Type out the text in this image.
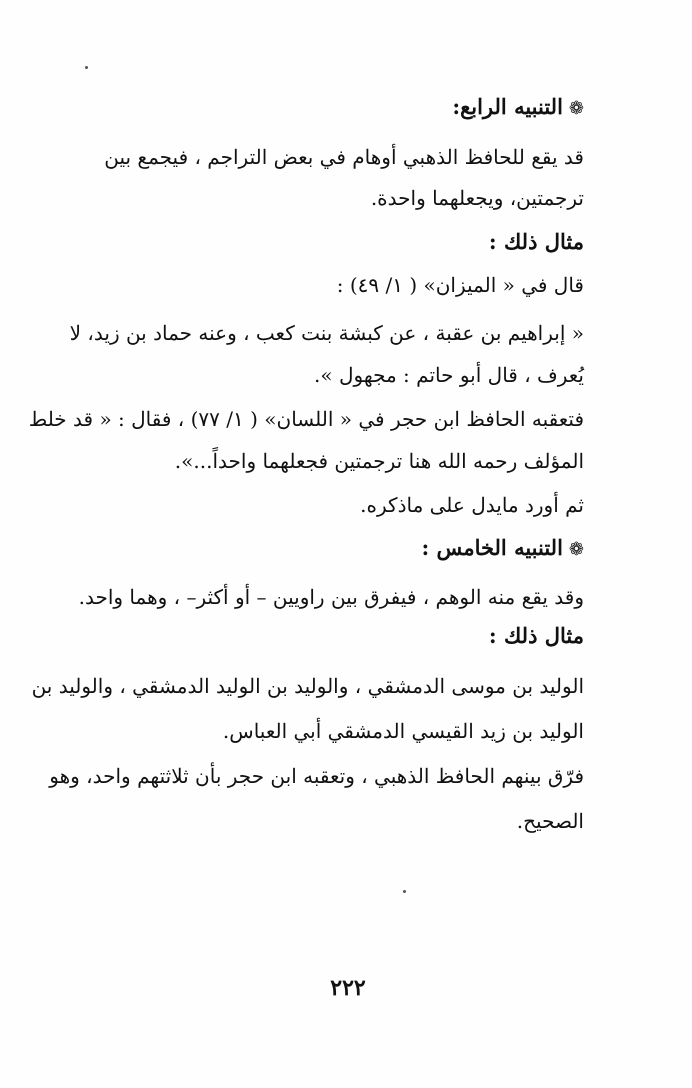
❁التنبيه الرابع:
قد يقع للحافظ الذهبي أوهام في بعض التراجم ، فيجمع بين
ترجمتين، ويجعلهما واحدة.
مثال ذلك :
قال في « الميزان» ( ١/ ٤٩) :
« إبراهيم بن عقبة ، عن كبشة بنت كعب ، وعنه حماد بن زيد، لا
يُعرف ، قال أبو حاتم : مجهول ».
فتعقبه الحافظ ابن حجر في « اللسان» ( ١/ ٧٧) ، فقال : « قد خلط
المؤلف رحمه الله هنا ترجمتين فجعلهما واحداً...».
ثم أورد مايدل على ماذكره.
❁التنبيه الخامس :
وقد يقع منه الوهم ، فيفرق بين راويين – أو أكثر– ، وهما واحد.
مثال ذلك :
الوليد بن موسى الدمشقي ، والوليد بن الوليد الدمشقي ، والوليد بن
الوليد بن زيد القيسي الدمشقي أبي العباس.
فرّق بينهم الحافظ الذهبي ، وتعقبه ابن حجر بأن ثلاثتهم واحد، وهو
الصحيح.
٢٢٢
